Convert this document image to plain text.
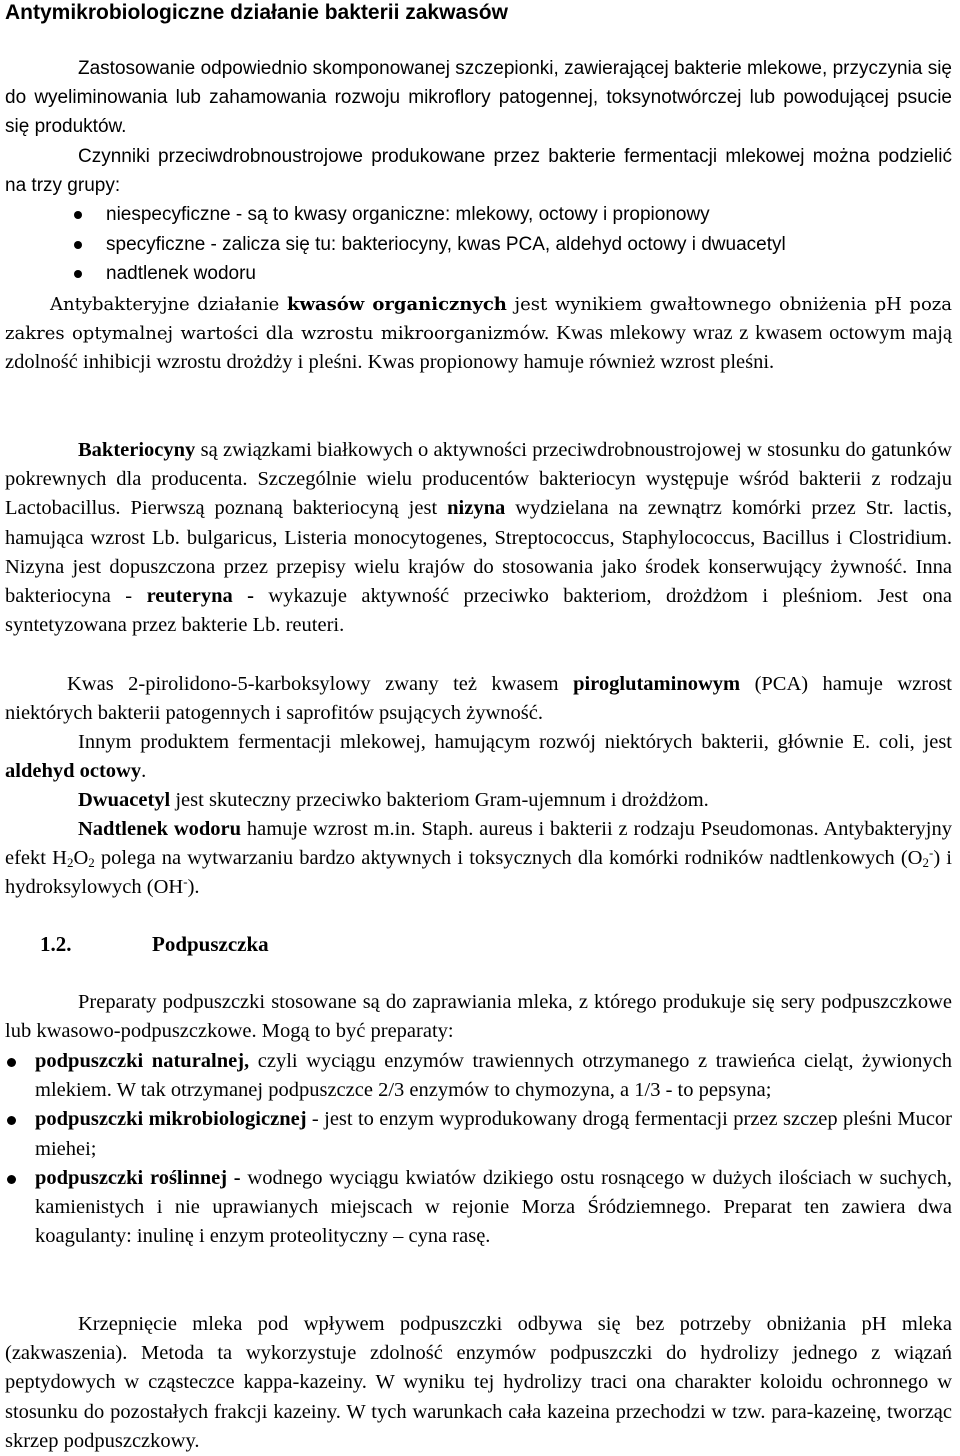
Antymikrobiologiczne działanie bakterii zakwasów

Zastosowanie odpowiednio skomponowanej szczepionki, zawierającej bakterie mlekowe, przyczynia się do wyeliminowania lub zahamowania rozwoju mikroflory patogennej, toksynotwórczej lub powodującej psucie się produktów.

Czynniki przeciwdrobnoustrojowe produkowane przez bakterie fermentacji mlekowej można podzielić na trzy grupy:

niespecyficzne - są to kwasy organiczne: mlekowy, octowy i propionowy
specyficzne - zalicza się tu: bakteriocyny, kwas PCA, aldehyd octowy i dwuacetyl
nadtlenek wodoru

Antybakteryjne działanie kwasów organicznych jest wynikiem gwałtownego obniżenia pH poza zakres optymalnej wartości dla wzrostu mikroorganizmów. Kwas mlekowy wraz z kwasem octowym mają zdolność inhibicji wzrostu drożdży i pleśni. Kwas propionowy hamuje również wzrost pleśni.

Bakteriocyny są związkami białkowych o aktywności przeciwdrobnoustrojowej w stosunku do gatunków pokrewnych dla producenta. Szczególnie wielu producentów bakteriocyn występuje wśród bakterii z rodzaju Lactobacillus. Pierwszą poznaną bakteriocyną jest nizyna wydzielana na zewnątrz komórki przez Str. lactis, hamująca wzrost Lb. bulgaricus, Listeria monocytogenes, Streptococcus, Staphylococcus, Bacillus i Clostridium. Nizyna jest dopuszczona przez przepisy wielu krajów do stosowania jako środek konserwujący żywność. Inna bakteriocyna - reuteryna - wykazuje aktywność przeciwko bakteriom, drożdżom i pleśniom. Jest ona syntetyzowana przez bakterie Lb. reuteri.

Kwas 2-pirolidono-5-karboksylowy zwany też kwasem piroglutaminowym (PCA) hamuje wzrost niektórych bakterii patogennych i saprofitów psujących żywność.

Innym produktem fermentacji mlekowej, hamującym rozwój niektórych bakterii, głównie E. coli, jest aldehyd octowy.

Dwuacetyl jest skuteczny przeciwko bakteriom Gram-ujemnum i drożdżom.

Nadtlenek wodoru hamuje wzrost m.in. Staph. aureus i bakterii z rodzaju Pseudomonas. Antybakteryjny efekt $H_2O_2$ polega na wytwarzaniu bardzo aktywnych i toksycznych dla komórki rodników nadtlenkowych $(O_2^-)$ i hydroksylowych (OH-).

1.2.	Podpuszczka

Preparaty podpuszczki stosowane są do zaprawiania mleka, z którego produkuje się sery podpuszczkowe lub kwasowo-podpuszczkowe. Mogą to być preparaty:

podpuszczki naturalnej, czyli wyciągu enzymów trawiennych otrzymanego z trawieńca cieląt, żywionych mlekiem. W tak otrzymanej podpuszczce 2/3 enzymów to chymozyna, a 1/3 - to pepsyna;
podpuszczki mikrobiologicznej - jest to enzym wyprodukowany drogą fermentacji przez szczep pleśni Mucor miehei;
podpuszczki roślinnej - wodnego wyciągu kwiatów dzikiego ostu rosnącego w dużych ilościach w suchych, kamienistych i nie uprawianych miejscach w rejonie Morza Śródziemnego. Preparat ten zawiera dwa koagulanty: inulinę i enzym proteolityczny – cyna rasę.

Krzepnięcie mleka pod wpływem podpuszczki odbywa się bez potrzeby obniżania pH mleka (zakwaszenia). Metoda ta wykorzystuje zdolność enzymów podpuszczki do hydrolizy jednego z wiązań peptydowych w cząsteczce kappa-kazeiny. W wyniku tej hydrolizy traci ona charakter koloidu ochronnego w stosunku do pozostałych frakcji kazeiny. W tych warunkach cała kazeina przechodzi w tzw. para-kazeinę, tworząc skrzep podpuszczkowy.
